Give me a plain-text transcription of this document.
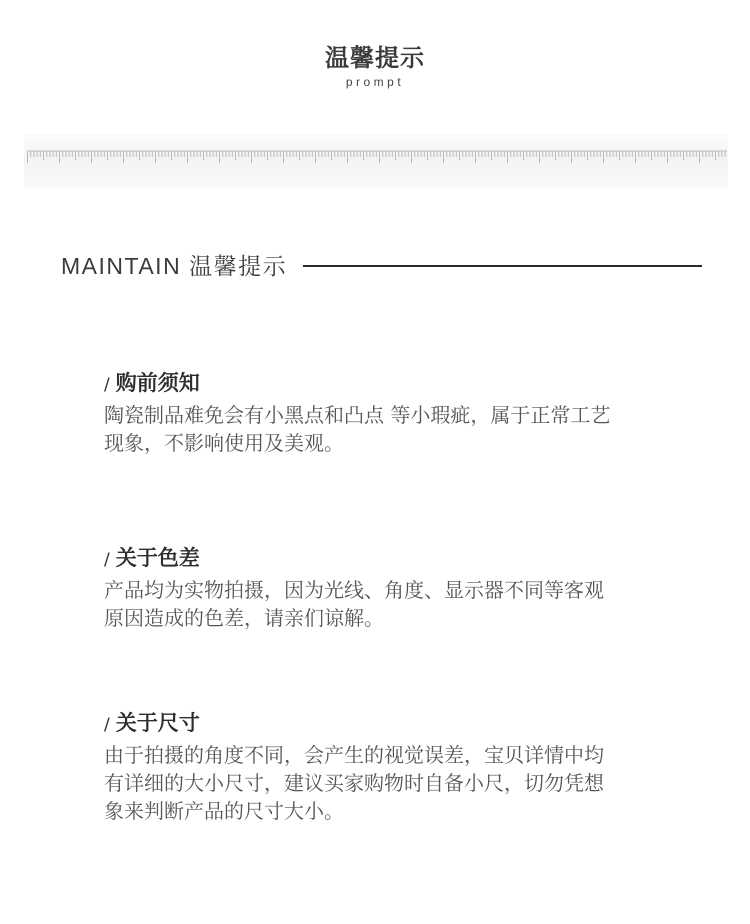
温馨提示
prompt
MAINTAIN 温馨提示
/ 购前须知
陶瓷制品难免会有小黑点和凸点 等小瑕疵，属于正常工艺
现象，不影响使用及美观。
/ 关于色差
产品均为实物拍摄，因为光线、角度、显示器不同等客观
原因造成的色差，请亲们谅解。
/ 关于尺寸
由于拍摄的角度不同，会产生的视觉误差，宝贝详情中均
有详细的大小尺寸，建议买家购物时自备小尺，切勿凭想
象来判断产品的尺寸大小。
